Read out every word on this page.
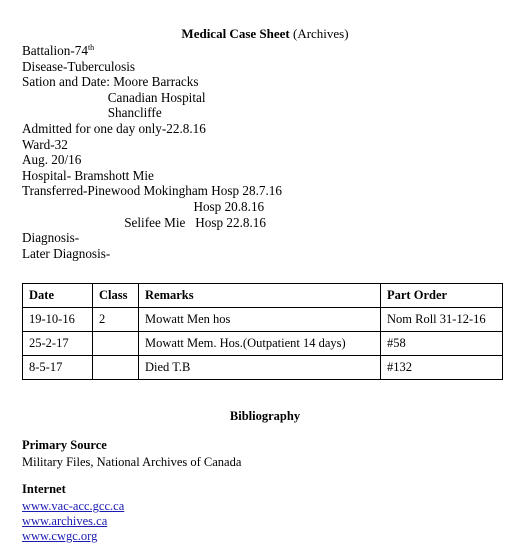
Medical Case Sheet (Archives)
Battalion-74th
Disease-Tuberculosis
Sation and Date: Moore Barracks
Canadian Hospital
Shancliffe
Admitted for one day only-22.8.16
Ward-32
Aug. 20/16
Hospital- Bramshott Mie
Transferred-Pinewood Mokingham Hosp 28.7.16
Hosp 20.8.16
Selifee Mie   Hosp 22.8.16
Diagnosis-
Later Diagnosis-
Date	Class	Remarks	Part Order
19-10-16	2	Mowatt Men hos	Nom Roll 31-12-16
25-2-17		Mowatt Mem. Hos.(Outpatient 14 days)	#58
8-5-17		Died T.B	#132
Bibliography
Primary Source
Military Files, National Archives of Canada
Internet
www.vac-acc.gcc.ca
www.archives.ca
www.cwgc.org
